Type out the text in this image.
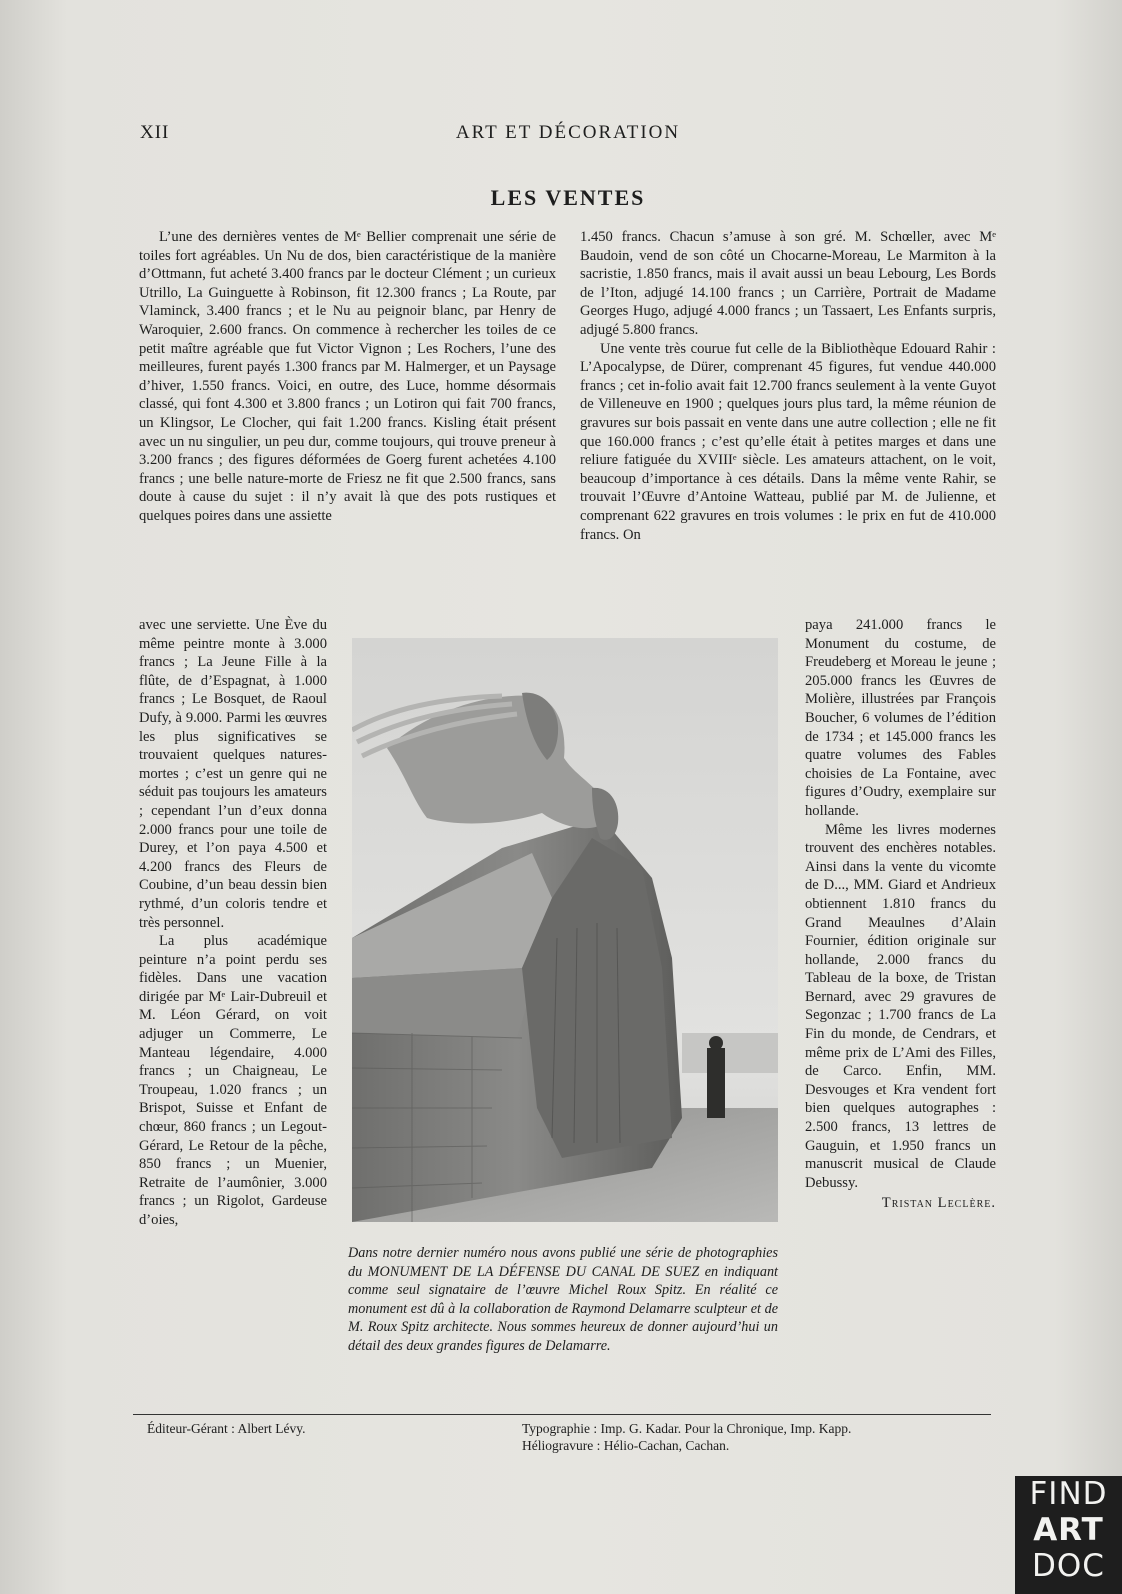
XII	ART ET DÉCORATION
LES VENTES

L’une des dernières ventes de Mᵉ Bellier comprenait une série de toiles fort agréables. Un Nu de dos, bien caractéristique de la manière d’Ottmann, fut acheté 3.400 francs par le docteur Clément ; un curieux Utrillo, La Guinguette à Robinson, fit 12.300 francs ; La Route, par Vlaminck, 3.400 francs ; et le Nu au peignoir blanc, par Henry de Waroquier, 2.600 francs. On commence à rechercher les toiles de ce petit maître agréable que fut Victor Vignon ; Les Rochers, l’une des meilleures, furent payés 1.300 francs par M. Halmerger, et un Paysage d’hiver, 1.550 francs. Voici, en outre, des Luce, homme désormais classé, qui font 4.300 et 3.800 francs ; un Lotiron qui fait 700 francs, un Klingsor, Le Clocher, qui fait 1.200 francs. Kisling était présent avec un nu singulier, un peu dur, comme toujours, qui trouve preneur à 3.200 francs ; des figures déformées de Goerg furent achetées 4.100 francs ; une belle nature-morte de Friesz ne fit que 2.500 francs, sans doute à cause du sujet : il n’y avait là que des pots rustiques et quelques poires dans une assiette

1.450 francs. Chacun s’amuse à son gré. M. Schœller, avec Mᵉ Baudoin, vend de son côté un Chocarne-Moreau, Le Marmiton à la sacristie, 1.850 francs, mais il avait aussi un beau Lebourg, Les Bords de l’Iton, adjugé 14.100 francs ; un Carrière, Portrait de Madame Georges Hugo, adjugé 4.000 francs ; un Tassaert, Les Enfants surpris, adjugé 5.800 francs.

Une vente très courue fut celle de la Bibliothèque Edouard Rahir : L’Apocalypse, de Dürer, comprenant 45 figures, fut vendue 440.000 francs ; cet in-folio avait fait 12.700 francs seulement à la vente Guyot de Villeneuve en 1900 ; quelques jours plus tard, la même réunion de gravures sur bois passait en vente dans une autre collection ; elle ne fit que 160.000 francs ; c’est qu’elle était à petites marges et dans une reliure fatiguée du XVIIIᵉ siècle. Les amateurs attachent, on le voit, beaucoup d’importance à ces détails. Dans la même vente Rahir, se trouvait l’Œuvre d’Antoine Watteau, publié par M. de Julienne, et comprenant 622 gravures en trois volumes : le prix en fut de 410.000 francs. On

avec une serviette. Une Ève du même peintre monte à 3.000 francs ; La Jeune Fille à la flûte, de d’Espagnat, à 1.000 francs ; Le Bosquet, de Raoul Dufy, à 9.000. Parmi les œuvres les plus significatives se trouvaient quelques natures-mortes ; c’est un genre qui ne séduit pas toujours les amateurs ; cependant l’un d’eux donna 2.000 francs pour une toile de Durey, et l’on paya 4.500 et 4.200 francs des Fleurs de Coubine, d’un beau dessin bien rythmé, d’un coloris tendre et très personnel.

La plus académique peinture n’a point perdu ses fidèles. Dans une vacation dirigée par Mᵉ Lair-Dubreuil et M. Léon Gérard, on voit adjuger un Commerre, Le Manteau légendaire, 4.000 francs ; un Chaigneau, Le Troupeau, 1.020 francs ; un Brispot, Suisse et Enfant de chœur, 860 francs ; un Legout-Gérard, Le Retour de la pêche, 850 francs ; un Muenier, Retraite de l’aumônier, 3.000 francs ; un Rigolot, Gardeuse d’oies,

Dans notre dernier numéro nous avons publié une série de photographies du MONUMENT DE LA DÉFENSE DU CANAL DE SUEZ en indiquant comme seul signataire de l’œuvre Michel Roux Spitz. En réalité ce monument est dû à la collaboration de Raymond Delamarre sculpteur et de M. Roux Spitz architecte. Nous sommes heureux de donner aujourd’hui un détail des deux grandes figures de Delamarre.

paya 241.000 francs le Monument du costume, de Freudeberg et Moreau le jeune ; 205.000 francs les Œuvres de Molière, illustrées par François Boucher, 6 volumes de l’édition de 1734 ; et 145.000 francs les quatre volumes des Fables choisies de La Fontaine, avec figures d’Oudry, exemplaire sur hollande.

Même les livres modernes trouvent des enchères notables. Ainsi dans la vente du vicomte de D..., MM. Giard et Andrieux obtiennent 1.810 francs du Grand Meaulnes d’Alain Fournier, édition originale sur hollande, 2.000 francs du Tableau de la boxe, de Tristan Bernard, avec 29 gravures de Segonzac ; 1.700 francs de La Fin du monde, de Cendrars, et même prix de L’Ami des Filles, de Carco. Enfin, MM. Desvouges et Kra vendent fort bien quelques autographes : 2.500 francs, 13 lettres de Gauguin, et 1.950 francs un manuscrit musical de Claude Debussy.

Tristan Leclère.

Éditeur-Gérant : Albert Lévy.	Typographie : Imp. G. Kadar. Pour la Chronique, Imp. Kapp.
Héliogravure : Hélio-Cachan, Cachan.
FIND
ART
DOC
